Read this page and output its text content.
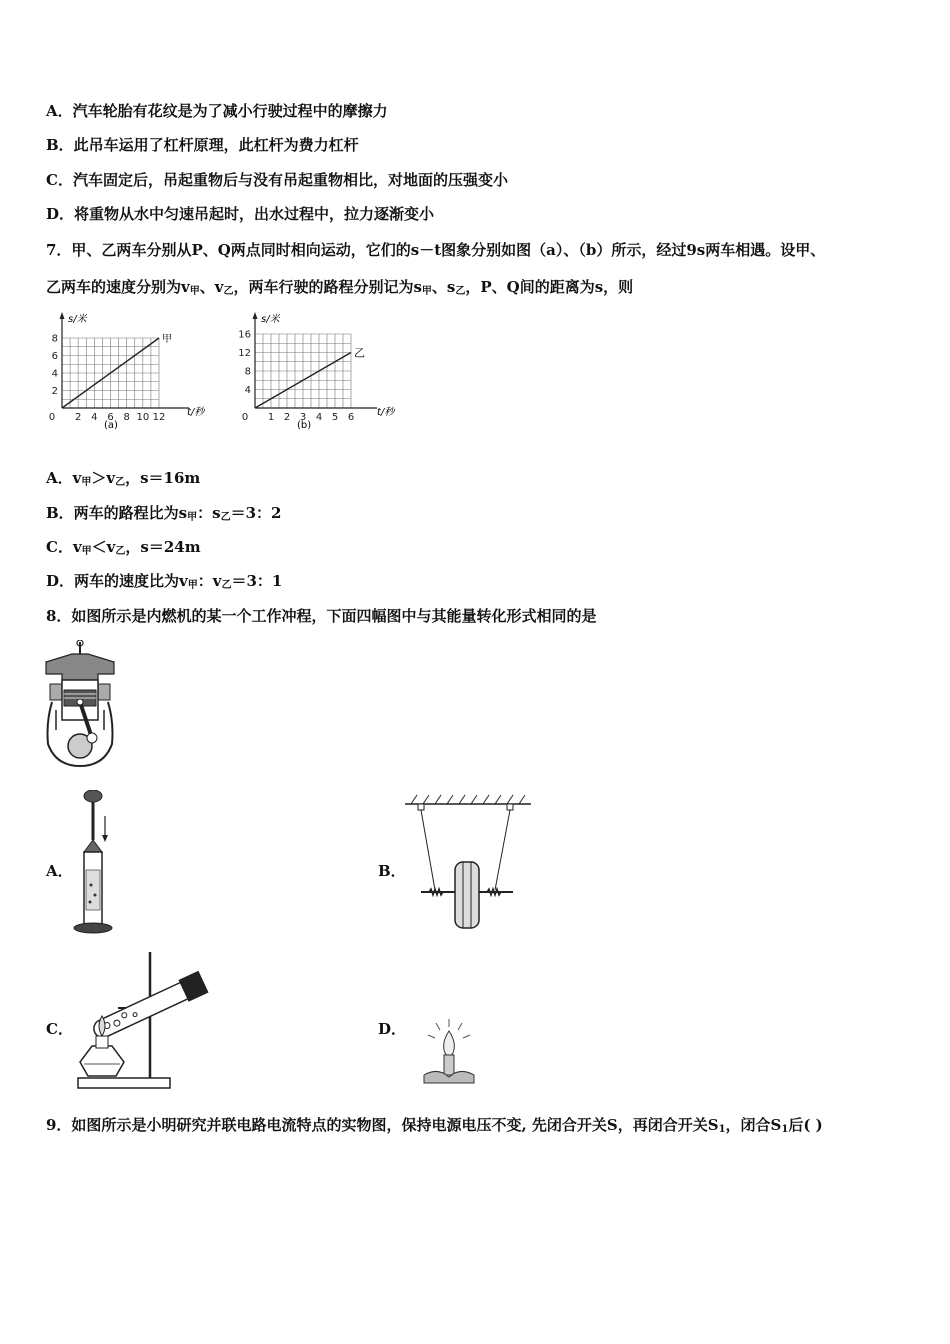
A．汽车轮胎有花纹是为了减小行驶过程中的摩擦力
B．此吊车运用了杠杆原理，此杠杆为费力杠杆
C．汽车固定后，吊起重物后与没有吊起重物相比，对地面的压强变小
D．将重物从水中匀速吊起时，出水过程中，拉力逐渐变小
7．甲、乙两车分别从P、Q两点同时相向运动，它们的s－t图象分别如图（a）、（b）所示，经过9s两车相遇。设甲、
乙两车的速度分别为$v_甲$、$v_乙$，两车行驶的路程分别记为$s_甲$、$s_乙$，P、Q间的距离为s，则
0 2 4 6 8 10 12
2
4
6
8
s/米
t/秒
甲
(a)
0 1 2 3 4 5 6
4
8
12
16
s/米
t/秒
乙
(b)
A．$v_甲>v_乙$，s＝16m
B．两车的路程比为$s_甲$：$s_乙=3$：2
C．$v_甲<v_乙$，s＝24m
D．两车的速度比为$v_甲$：$v_乙=3$：1
8．如图所示是内燃机的某一个工作冲程，下面四幅图中与其能量转化形式相同的是
A．	B．
C．	D．
9．如图所示是小明研究并联电路电流特点的实物图，保持电源电压不变, 先闭合开关S，再闭合开关$S_1$，闭合$S_1$后( )
